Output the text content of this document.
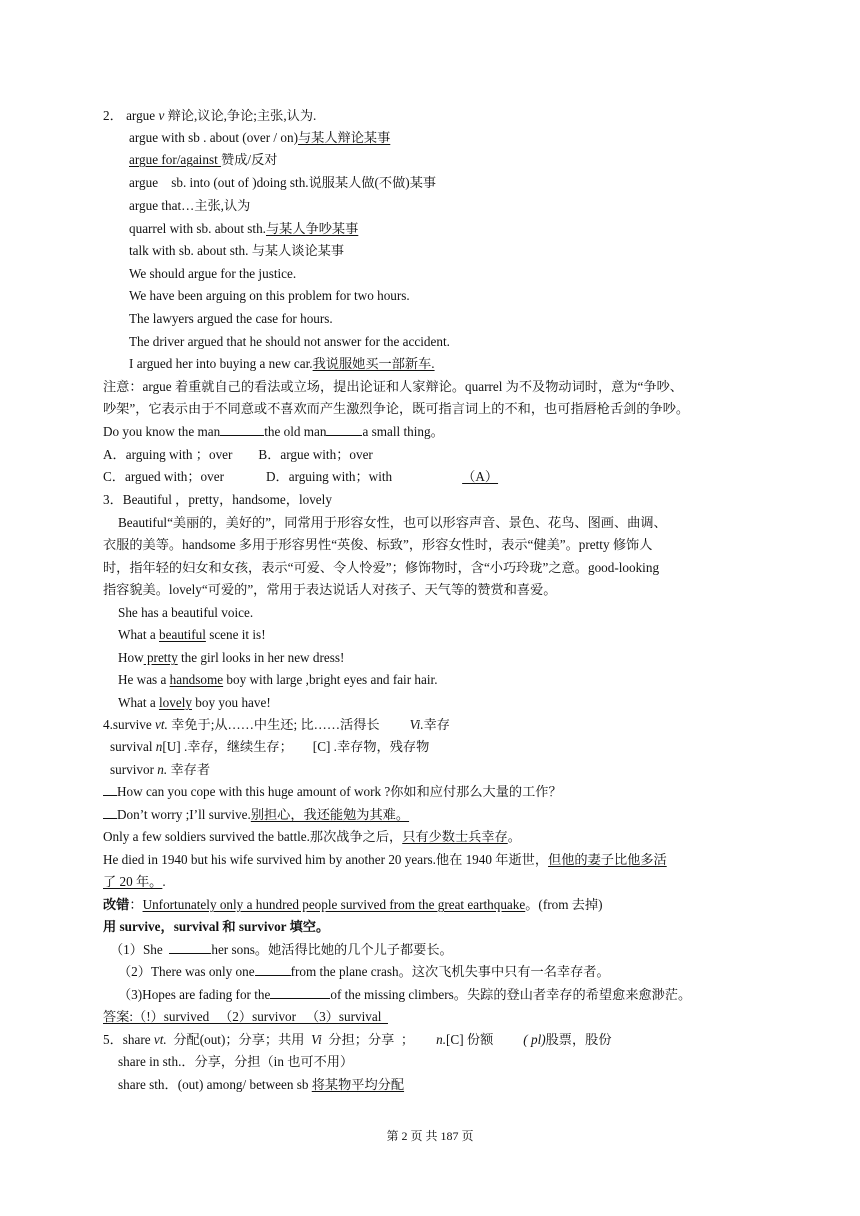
2． argue v 辩论,议论,争论;主张,认为.
argue with sb . about (over / on)与某人辩论某事
argue for/against 赞成/反对
argue    sb. into (out of )doing sth.说服某人做(不做)某事
argue that…主张,认为
quarrel with sb. about sth.与某人争吵某事
talk with sb. about sth. 与某人谈论某事
We should argue for the justice.
We have been arguing on this problem for two hours.
The lawyers argued the case for hours.
The driver argued that he should not answer for the accident.
I argued her into buying a new car.我说服她买一部新车.
注意：argue 着重就自己的看法或立场，提出论证和人家辩论。quarrel 为不及物动词时，意为“争吵、
吵架”，它表示由于不同意或不喜欢而产生激烈争论，既可指言词上的不和，也可指唇枪舌剑的争吵。
Do you know the man	the old man	a small thing。
A．arguing with ；over B．argue with；over
C．argued with；over	D．arguing with；with	（A）
3．Beautiful ，pretty，handsome，lovely
Beautiful“美丽的，美好的”，同常用于形容女性，也可以形容声音、景色、花鸟、图画、曲调、
衣服的美等。handsome 多用于形容男性“英俊、标致”，形容女性时，表示“健美”。pretty 修饰人
时，指年轻的妇女和女孩，表示“可爱、令人怜爱”；修饰物时，含“小巧玲珑”之意。good-looking
指容貌美。lovely“可爱的”，常用于表达说话人对孩子、天气等的赞赏和喜爱。
She has a beautiful voice.
What a beautiful scene it is!
How pretty the girl looks in her new dress!
He was a handsome boy with large ,bright eyes and fair hair.
What a lovely boy you have!
4.survive vt. 幸免于;从……中生还; 比……活得长 Vi.幸存
survival n[U] .幸存，继续生存； [C] .幸存物，残存物
survivor n. 幸存者
How can you cope with this huge amount of work ?你如和应付那么大量的工作？
Don’t worry ;I’ll survive.别担心，我还能勉为其难。
Only a few soldiers survived the battle.那次战争之后，只有少数士兵幸存。
He died in 1940 but his wife survived him by another 20 years.他在 1940 年逝世，但他的妻子比他多活
了 20 年。.
改错：Unfortunately only a hundred people survived from the great earthquake。(from 去掉)
用 survive，survival 和 survivor 填空。
（1）She	her sons。她活得比她的几个儿子都要长。
（2）There was only one	from the plane crash。这次飞机失事中只有一名幸存者。
（3)Hopes are fading for the	of the missing climbers。失踪的登山者幸存的希望愈来愈渺茫。
答案:（!）survived   （2）survivor   （3）survival
5．share vt.  分配(out)；分享；共用  Vi  分担；分享  ； n.[C] 份额 ( pl)股票，股份
share in sth.．分享，分担（in 也可不用）
share sth．(out) among/ between sb 将某物平均分配
第 2 页 共 187 页
